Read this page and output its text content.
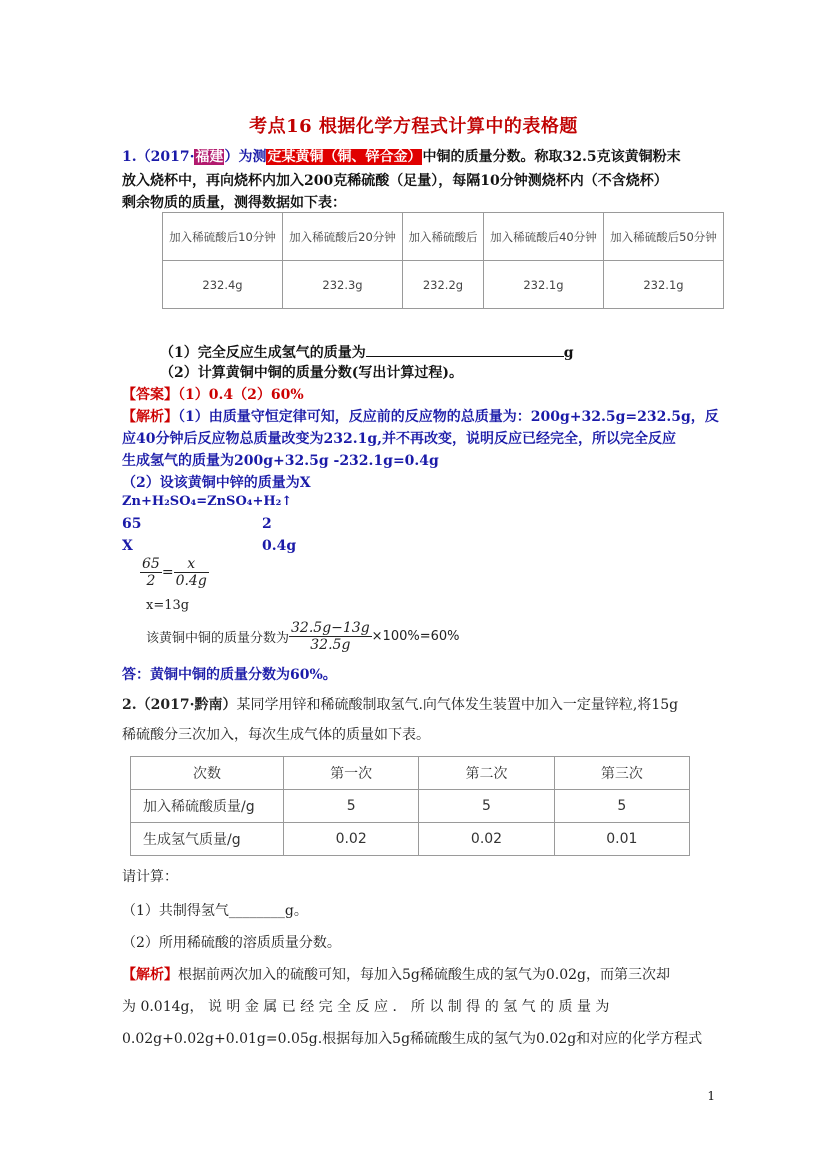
考点16 根据化学方程式计算中的表格题
1.（2017·福建）为测定某黄铜（铜、锌合金）中铜的质量分数。称取32.5克该黄铜粉末
放入烧杯中，再向烧杯内加入200克稀硫酸（足量），每隔10分钟测烧杯内（不含烧杯）
剩余物质的质量，测得数据如下表：
加入稀硫酸后10分钟	加入稀硫酸后20分钟	加入稀硫酸后	加入稀硫酸后40分钟	加入稀硫酸后50分钟
232.4g	232.3g	232.2g	232.1g	232.1g
（1）完全反应生成氢气的质量为	g
（2）计算黄铜中铜的质量分数(写出计算过程)。
【答案】（1）0.4（2）60%
【解析】（1）由质量守恒定律可知，反应前的反应物的总质量为：200g+32.5g=232.5g，反
应40分钟后反应物总质量改变为232.1g,并不再改变，说明反应已经完全，所以完全反应
生成氢气的质量为200g+32.5g -232.1g=0.4g
（2）设该黄铜中锌的质量为X
Zn+H₂SO₄=ZnSO₄+H₂↑
65	2
X	0.4g
$\frac{65}{2} = \frac{x}{0.4g}$
x=13g
该黄铜中铜的质量分数为 $\frac{32.5g-13g}{32.5g} \times 100\%=60\%$
答：黄铜中铜的质量分数为60%。
2.（2017·黔南）某同学用锌和稀硫酸制取氢气.向气体发生装置中加入一定量锌粒,将15g
稀硫酸分三次加入，每次生成气体的质量如下表。
次数	第一次	第二次	第三次
加入稀硫酸质量/g	5	5	5
生成氢气质量/g	0.02	0.02	0.01
请计算：
（1）共制得氢气________g。
（2）所用稀硫酸的溶质质量分数。
【解析】根据前两次加入的硫酸可知，每加入5g稀硫酸生成的氢气为0.02g，而第三次却
为 0.014g， 说 明 金 属 已 经 完 全 反 应 ． 所 以 制 得 的 氢 气 的 质 量 为
0.02g+0.02g+0.01g=0.05g.根据每加入5g稀硫酸生成的氢气为0.02g和对应的化学方程式
1
